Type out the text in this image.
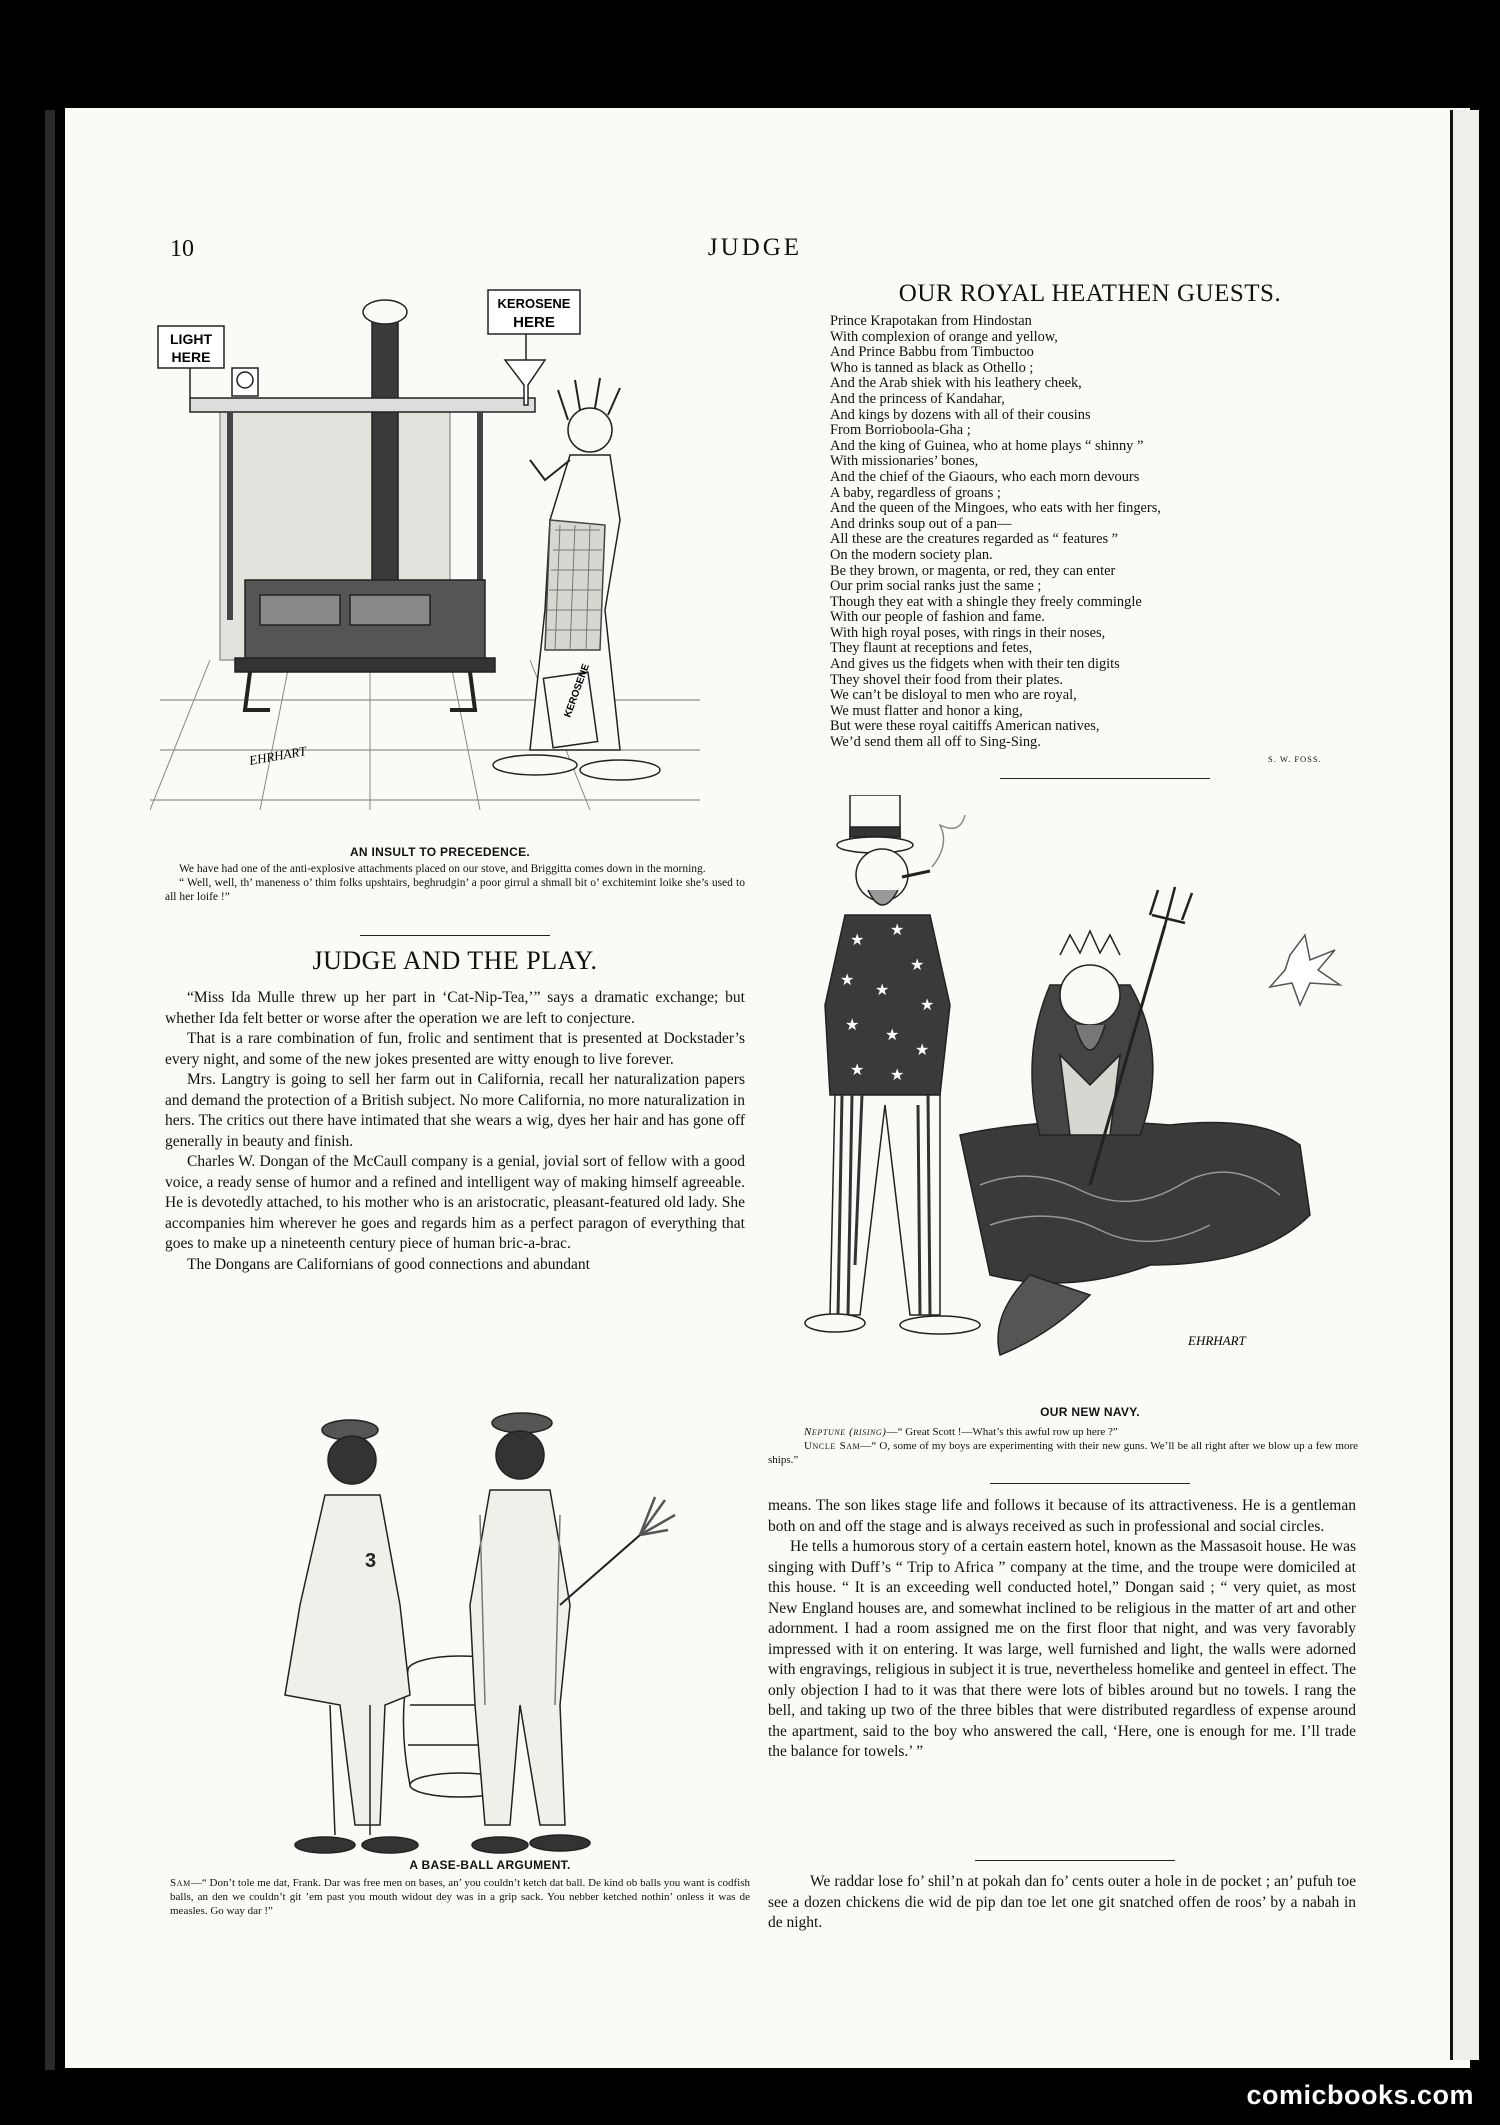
10	JUDGE
LIGHT
HERE
KEROSENE
HERE
KEROSENE
EHRHART
AN INSULT TO PRECEDENCE.

We have had one of the anti-explosive attachments placed on our stove, and Briggitta comes down in the morning.

“ Well, well, th’ maneness o’ thim folks upshtairs, beghrudgin’ a poor girrul a shmall bit o’ exchitemint loike she’s used to all her loife !”

JUDGE AND THE PLAY.

“Miss Ida Mulle threw up her part in ‘Cat-Nip-Tea,’” says a dramatic exchange; but whether Ida felt better or worse after the operation we are left to conjecture.

That is a rare combination of fun, frolic and sentiment that is presented at Dockstader’s every night, and some of the new jokes presented are witty enough to live forever.

Mrs. Langtry is going to sell her farm out in California, recall her naturalization papers and demand the protection of a British subject. No more California, no more naturalization in hers. The critics out there have intimated that she wears a wig, dyes her hair and has gone off generally in beauty and finish.

Charles W. Dongan of the McCaull company is a genial, jovial sort of fellow with a good voice, a ready sense of humor and a refined and intelligent way of making himself agreeable. He is devotedly attached, to his mother who is an aristocratic, pleasant-featured old lady. She accompanies him wherever he goes and regards him as a perfect paragon of everything that goes to make up a nineteenth century piece of human bric-a-brac.

The Dongans are Californians of good connections and abundant

3
A BASE-BALL ARGUMENT.
Sam—“ Don’t tole me dat, Frank. Dar was free men on bases, an’ you couldn’t ketch dat ball. De kind ob balls you want is codfish balls, an den we couldn’t git ’em past you mouth widout dey was in a grip sack. You nebber ketched nothin’ onless it was de measles. Go way dar !”
OUR ROYAL HEATHEN GUESTS.
Prince Krapotakan from Hindostan
With complexion of orange and yellow,
And Prince Babbu from Timbuctoo
Who is tanned as black as Othello ;
And the Arab shiek with his leathery cheek,
And the princess of Kandahar,
And kings by dozens with all of their cousins
From Borrioboola-Gha ;
And the king of Guinea, who at home plays “ shinny ”
With missionaries’ bones,
And the chief of the Giaours, who each morn devours
A baby, regardless of groans ;
And the queen of the Mingoes, who eats with her fingers,
And drinks soup out of a pan—
All these are the creatures regarded as “ features ”
On the modern society plan.
Be they brown, or magenta, or red, they can enter
Our prim social ranks just the same ;
Though they eat with a shingle they freely commingle
With our people of fashion and fame.
With high royal poses, with rings in their noses,
They flaunt at receptions and fetes,
And gives us the fidgets when with their ten digits
They shovel their food from their plates.
We can’t be disloyal to men who are royal,
We must flatter and honor a king,
But were these royal caitiffs American natives,
We’d send them all off to Sing-Sing.
S. W. FOSS.
★
★
★
★
★
★
★
★
★
★ ★
EHRHART
OUR NEW NAVY.
Neptune (rising)—“ Great Scott !—What’s this awful row up here ?”
Uncle Sam—“ O, some of my boys are experimenting with their new guns. We’ll be all right after we blow up a few more ships.”

means. The son likes stage life and follows it because of its attractiveness. He is a gentleman both on and off the stage and is always received as such in professional and social circles.

He tells a humorous story of a certain eastern hotel, known as the Massasoit house. He was singing with Duff’s “ Trip to Africa ” company at the time, and the troupe were domiciled at this house. “ It is an exceeding well conducted hotel,” Dongan said ; “ very quiet, as most New England houses are, and somewhat inclined to be religious in the matter of art and other adornment. I had a room assigned me on the first floor that night, and was very favorably impressed with it on entering. It was large, well furnished and light, the walls were adorned with engravings, religious in subject it is true, nevertheless homelike and genteel in effect. The only objection I had to it was that there were lots of bibles around but no towels. I rang the bell, and taking up two of the three bibles that were distributed regardless of expense around the apartment, said to the boy who answered the call, ‘Here, one is enough for me. I’ll trade the balance for towels.’ ”

We raddar lose fo’ shil’n at pokah dan fo’ cents outer a hole in de pocket ; an’ pufuh toe see a dozen chickens die wid de pip dan toe let one git snatched offen de roos’ by a nabah in de night.
comicbooks.com
